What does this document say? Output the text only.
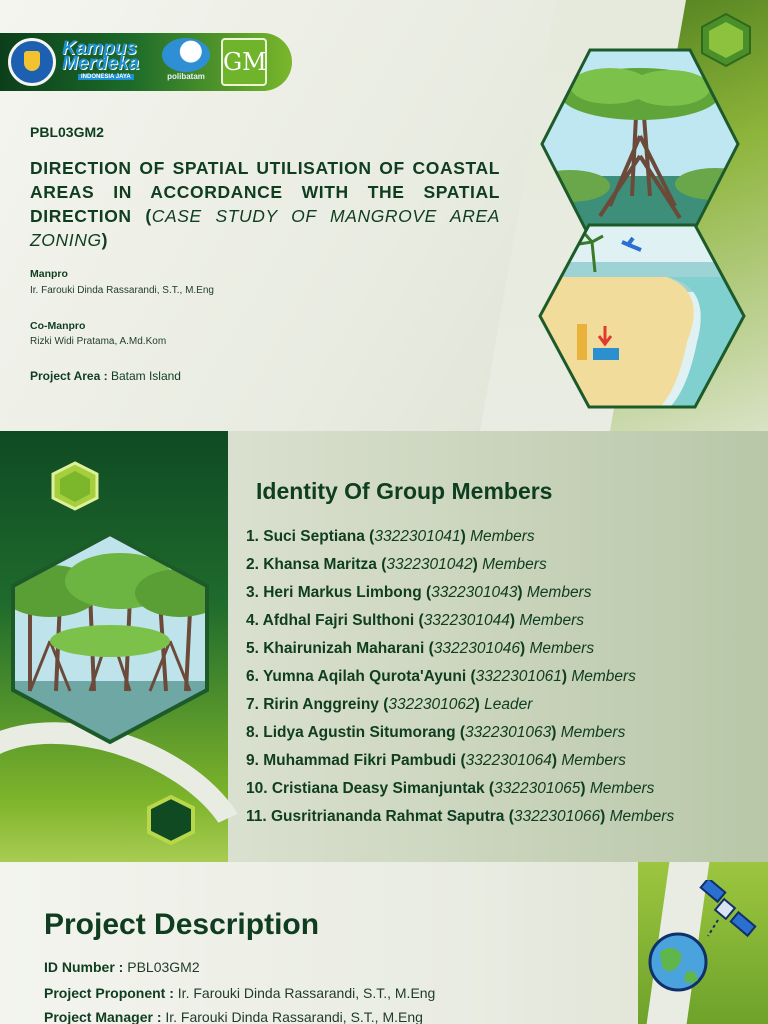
Kampus
Merdeka
INDONESIA JAYA	polibatam
GM
PBL03GM2
DIRECTION OF SPATIAL UTILISATION OF COASTAL AREAS IN ACCORDANCE WITH THE SPATIAL DIRECTION (CASE STUDY OF MANGROVE AREA ZONING)
Manpro
Ir. Farouki Dinda Rassarandi, S.T., M.Eng
Co-Manpro
Rizki Widi Pratama, A.Md.Kom
Project Area : Batam Island
Identity Of Group Members
1. Suci Septiana (3322301041) Members
2. Khansa Maritza (3322301042) Members
3. Heri Markus Limbong (3322301043) Members
4. Afdhal Fajri Sulthoni (3322301044) Members
5. Khairunizah Maharani (3322301046) Members
6. Yumna Aqilah Qurota'Ayuni (3322301061) Members
7. Ririn Anggreiny (3322301062) Leader
8. Lidya Agustin Situmorang (3322301063) Members
9. Muhammad Fikri Pambudi (3322301064) Members
10. Cristiana Deasy Simanjuntak (3322301065) Members
11. Gusritriananda Rahmat Saputra (3322301066) Members
Project Description
ID Number : PBL03GM2
Project Proponent : Ir. Farouki Dinda Rassarandi, S.T., M.Eng
Project Manager : Ir. Farouki Dinda Rassarandi, S.T., M.Eng
